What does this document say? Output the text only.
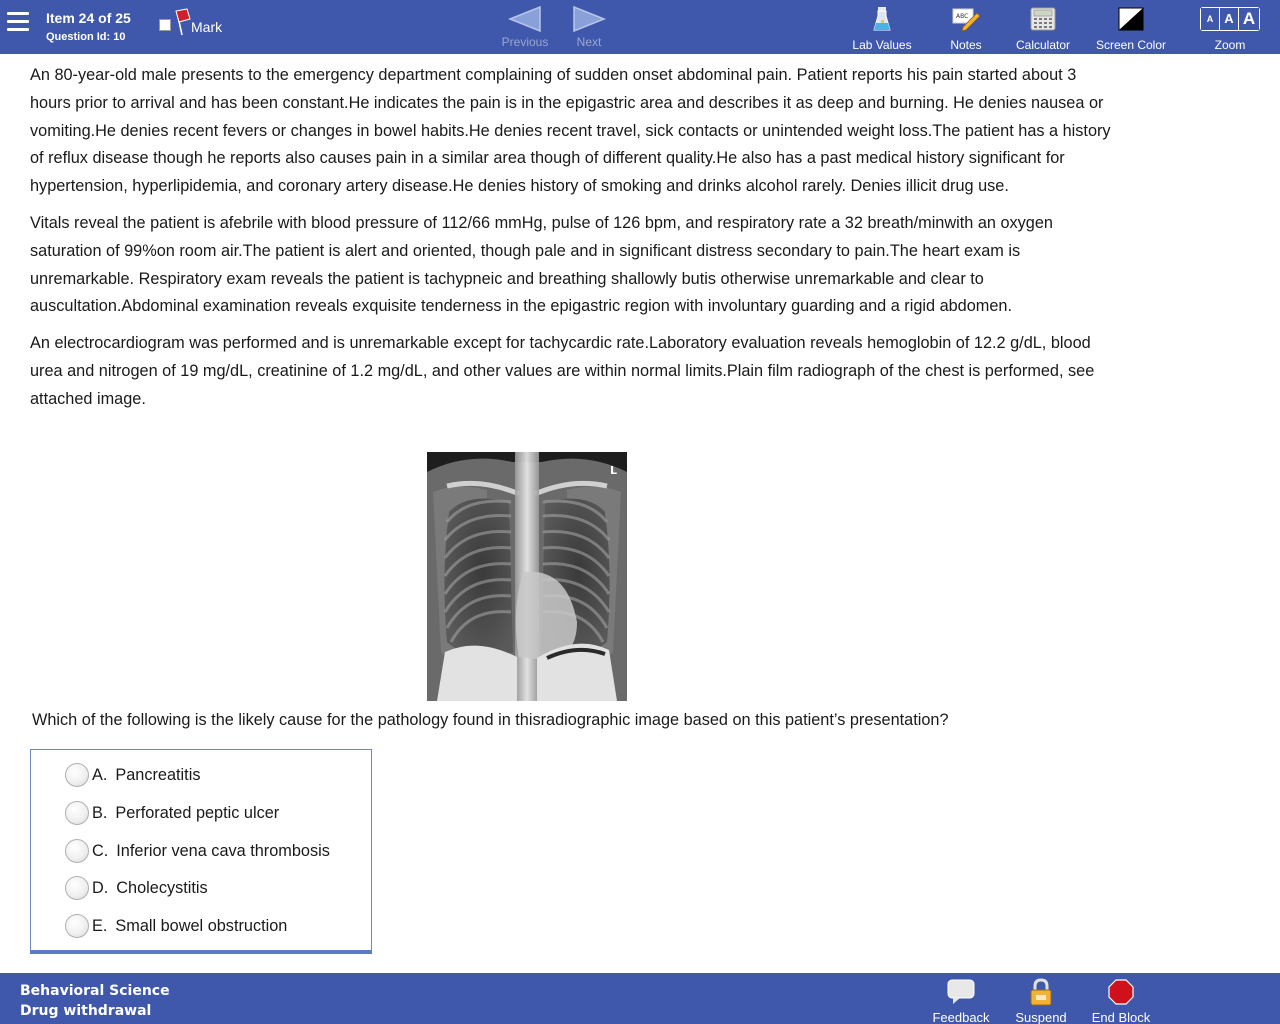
Item 24 of 25
Question Id: 10
Mark
Previous	Next	Lab Values
ABC
Notes	Calculator	Screen Color
A A A
Zoom

An 80-year-old male presents to the emergency department complaining of sudden onset abdominal pain. Patient reports his pain started about 3 hours prior to arrival and has been constant.He indicates the pain is in the epigastric area and describes it as deep and burning. He denies nausea or vomiting.He denies recent fevers or changes in bowel habits.He denies recent travel, sick contacts or unintended weight loss.The patient has a history of reflux disease though he reports also causes pain in a similar area though of different quality.He also has a past medical history significant for hypertension, hyperlipidemia, and coronary artery disease.He denies history of smoking and drinks alcohol rarely. Denies illicit drug use.

Vitals reveal the patient is afebrile with blood pressure of 112/66 mmHg, pulse of 126 bpm, and respiratory rate a 32 breath/minwith an oxygen saturation of 99%on room air.The patient is alert and oriented, though pale and in significant distress secondary to pain.The heart exam is unremarkable. Respiratory exam reveals the patient is tachypneic and breathing shallowly butis otherwise unremarkable and clear to auscultation.Abdominal examination reveals exquisite tenderness in the epigastric region with involuntary guarding and a rigid abdomen.

An electrocardiogram was performed and is unremarkable except for tachycardic rate.Laboratory evaluation reveals hemoglobin of 12.2 g/dL, blood urea and nitrogen of 19 mg/dL, creatinine of 1.2 mg/dL, and other values are within normal limits.Plain film radiograph of the chest is performed, see attached image.

L
Which of the following is the likely cause for the pathology found in thisradiographic image based on this patient’s presentation?
A. Pancreatitis
B. Perforated peptic ulcer
C. Inferior vena cava thrombosis
D. Cholecystitis
E. Small bowel obstruction
Behavioral Science
Drug withdrawal	Feedback	Suspend	End Block
